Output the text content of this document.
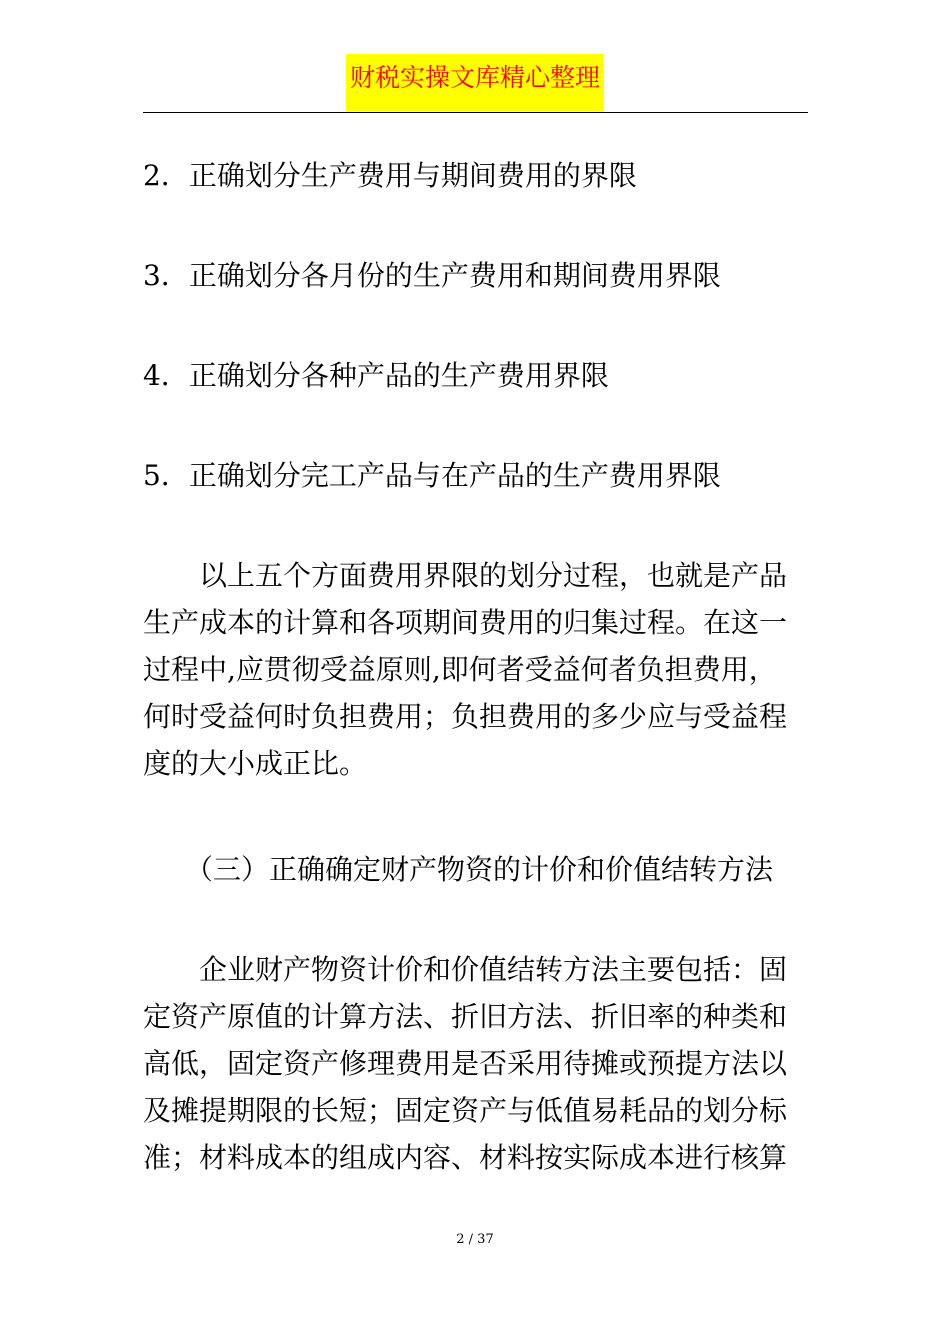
财税实操文库精心整理
2．正确划分生产费用与期间费用的界限
3．正确划分各月份的生产费用和期间费用界限
4．正确划分各种产品的生产费用界限
5．正确划分完工产品与在产品的生产费用界限
　　以上五个方面费用界限的划分过程，也就是产品
生产成本的计算和各项期间费用的归集过程。在这一
过程中,应贯彻受益原则,即何者受益何者负担费用，
何时受益何时负担费用；负担费用的多少应与受益程
度的大小成正比。
　　（三）正确确定财产物资的计价和价值结转方法
　　企业财产物资计价和价值结转方法主要包括：固
定资产原值的计算方法、折旧方法、折旧率的种类和
高低，固定资产修理费用是否采用待摊或预提方法以
及摊提期限的长短；固定资产与低值易耗品的划分标
准；材料成本的组成内容、材料按实际成本进行核算
2 / 37
